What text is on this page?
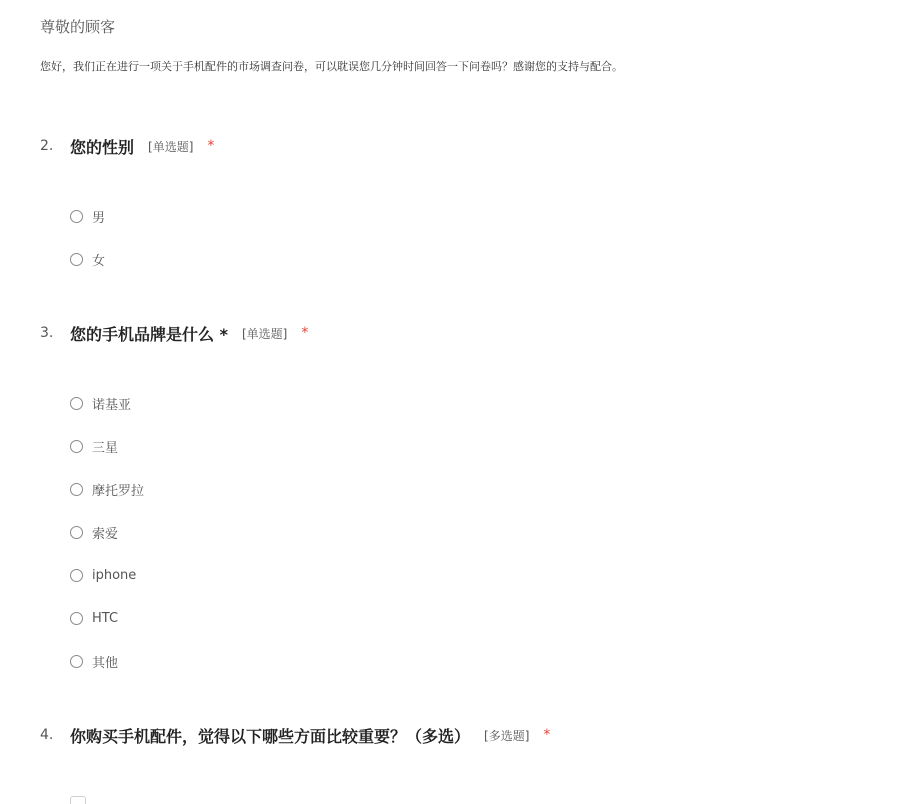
尊敬的顾客
您好，我们正在进行一项关于手机配件的市场调查问卷，可以耽误您几分钟时间回答一下问卷吗？感谢您的支持与配合。
2.	您的性别 [单选题] *
男
女
3.	您的手机品牌是什么 * [单选题] *
诺基亚
三星
摩托罗拉
索爱
iphone
HTC
其他
4.	你购买手机配件，觉得以下哪些方面比较重要？（多选） [多选题] *
